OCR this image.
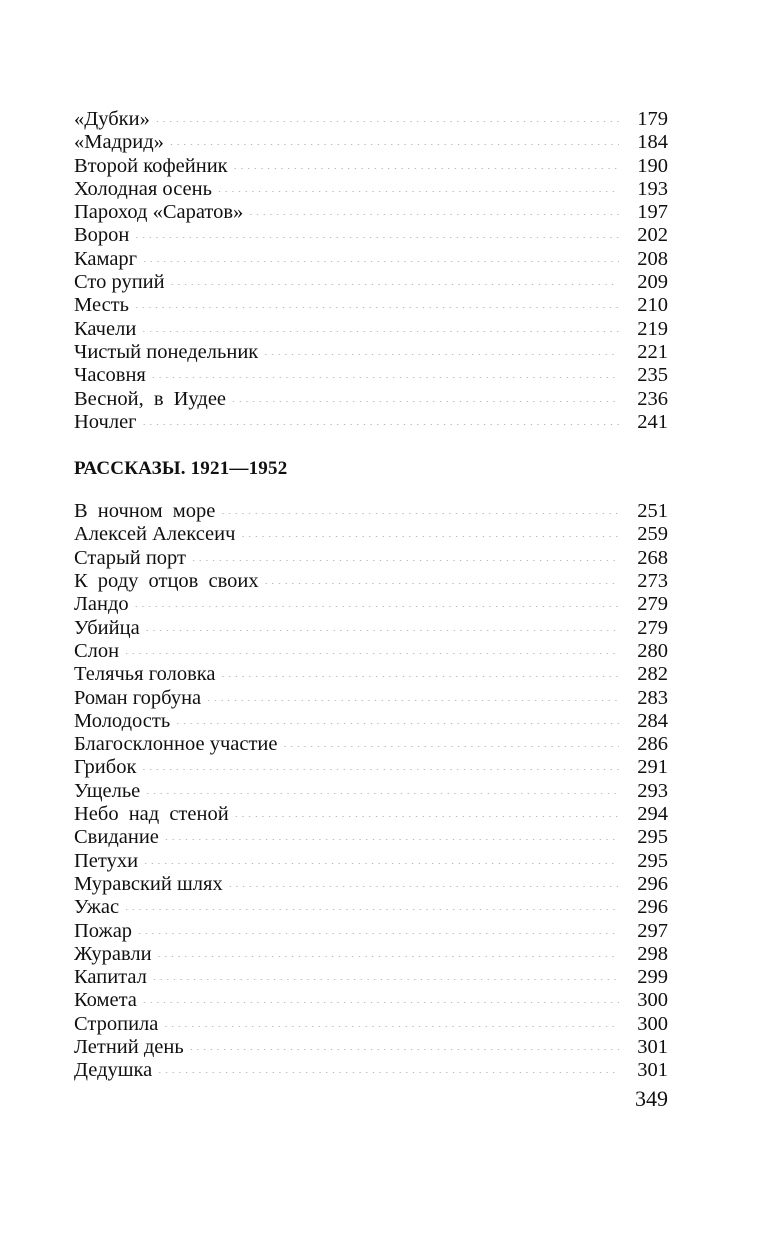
«Дубки» .....	179
«Мадрид» .....	184
Второй кофейник .....	190
Холодная осень .....	193
Пароход «Саратов» .....	197
Ворон .....	202
Камарг .....	208
Сто рупий .....	209
Месть .....	210
Качели .....	219
Чистый понедельник .....	221
Часовня .....	235
Весной, в Иудее .....	236
Ночлег .....	241
РАССКАЗЫ. 1921—1952
В ночном море .....	251
Алексей Алексеич .....	259
Старый порт .....	268
К роду отцов своих .....	273
Ландо .....	279
Убийца .....	279
Слон .....	280
Телячья головка .....	282
Роман горбуна .....	283
Молодость .....	284
Благосклонное участие .....	286
Грибок .....	291
Ущелье .....	293
Небо над стеной .....	294
Свидание .....	295
Петухи .....	295
Муравский шлях .....	296
Ужас .....	296
Пожар .....	297
Журавли .....	298
Капитал .....	299
Комета .....	300
Стропила .....	300
Летний день .....	301
Дедушка .....	301
349
